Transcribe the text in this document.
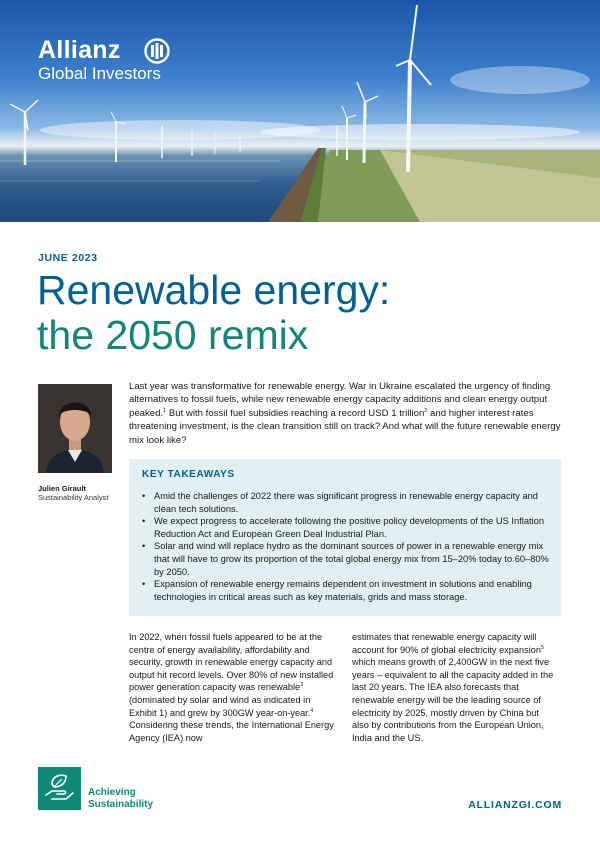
Allianz
Global Investors
JUNE 2023
Renewable energy:
the 2050 remix
Julien Girault
Sustainability Analyst
Last year was transformative for renewable energy. War in Ukraine escalated the urgency of finding alternatives to fossil fuels, while new renewable energy capacity additions and clean energy output peaked.$^1$ But with fossil fuel subsidies reaching a record USD 1 trillion$^2$ and higher interest rates threatening investment, is the clean transition still on track? And what will the future renewable energy mix look like?
KEY TAKEAWAYS
• Amid the challenges of 2022 there was significant progress in renewable energy capacity and clean tech solutions.
• We expect progress to accelerate following the positive policy developments of the US Inflation Reduction Act and European Green Deal Industrial Plan.
• Solar and wind will replace hydro as the dominant sources of power in a renewable energy mix that will have to grow its proportion of the total global energy mix from 15–20% today to 60–80% by 2050.
• Expansion of renewable energy remains dependent on investment in solutions and enabling technologies in critical areas such as key materials, grids and mass storage.
In 2022, when fossil fuels appeared to be at the centre of energy availability, affordability and security, growth in renewable energy capacity and output hit record levels. Over 80% of new installed power generation capacity was renewable$^3$ (dominated by solar and wind as indicated in Exhibit 1) and grew by 300GW year-on-year.$^4$ Considering these trends, the International Energy Agency (IEA) now
estimates that renewable energy capacity will account for 90% of global electricity expansion$^5$ which means growth of 2,400GW in the next five years – equivalent to all the capacity added in the last 20 years. The IEA also forecasts that renewable energy will be the leading source of electricity by 2025, mostly driven by China but also by contributions from the European Union, India and the US.
Achieving
Sustainability	ALLIANZGI.COM
